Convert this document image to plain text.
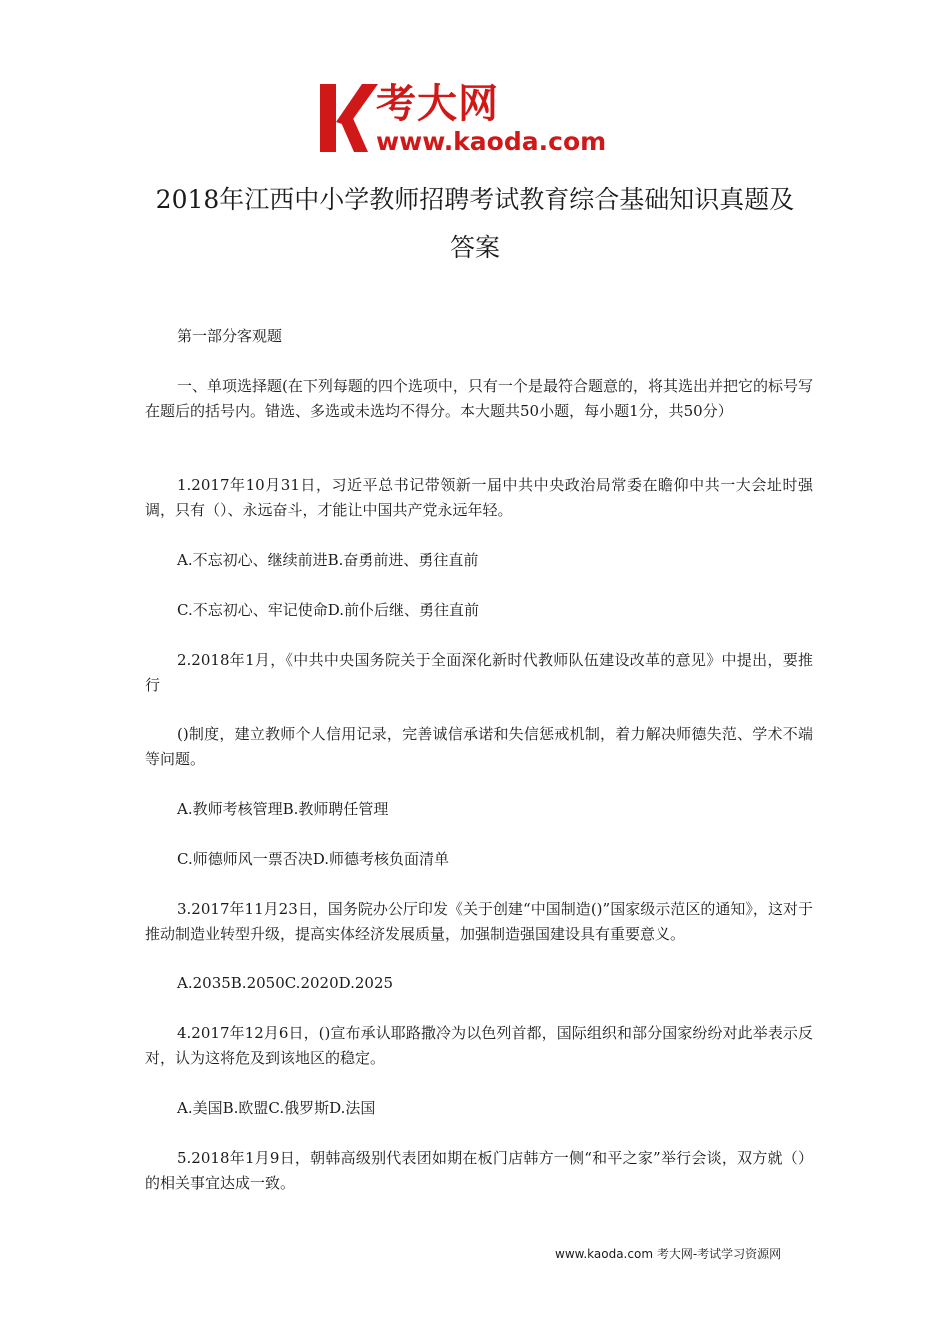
考大网
www.kaoda.com
2018年江西中小学教师招聘考试教育综合基础知识真题及
答案

第一部分客观题

一、单项选择题(在下列每题的四个选项中，只有一个是最符合题意的，将其选出并把它的标号写在题后的括号内。错选、多选或未选均不得分。本大题共50小题，每小题1分，共50分）

1.2017年10月31日，习近平总书记带领新一届中共中央政治局常委在瞻仰中共一大会址时强调，只有（）、永远奋斗，才能让中国共产党永远年轻。

A.不忘初心、继续前进B.奋勇前进、勇往直前

C.不忘初心、牢记使命D.前仆后继、勇往直前

2.2018年1月，《中共中央国务院关于全面深化新时代教师队伍建设改革的意见》中提出，要推行

()制度，建立教师个人信用记录，完善诚信承诺和失信惩戒机制，着力解决师德失范、学术不端等问题。

A.教师考核管理B.教师聘任管理

C.师德师风一票否决D.师德考核负面清单

3.2017年11月23日，国务院办公厅印发《关于创建“中国制造()”国家级示范区的通知》，这对于推动制造业转型升级，提高实体经济发展质量，加强制造强国建设具有重要意义。

A.2035B.2050C.2020D.2025

4.2017年12月6日，()宣布承认耶路撒冷为以色列首都，国际组织和部分国家纷纷对此举表示反对，认为这将危及到该地区的稳定。

A.美国B.欧盟C.俄罗斯D.法国

5.2018年1月9日，朝韩高级别代表团如期在板门店韩方一侧“和平之家”举行会谈，双方就（）的相关事宜达成一致。

www.kaoda.com 考大网-考试学习资源网
